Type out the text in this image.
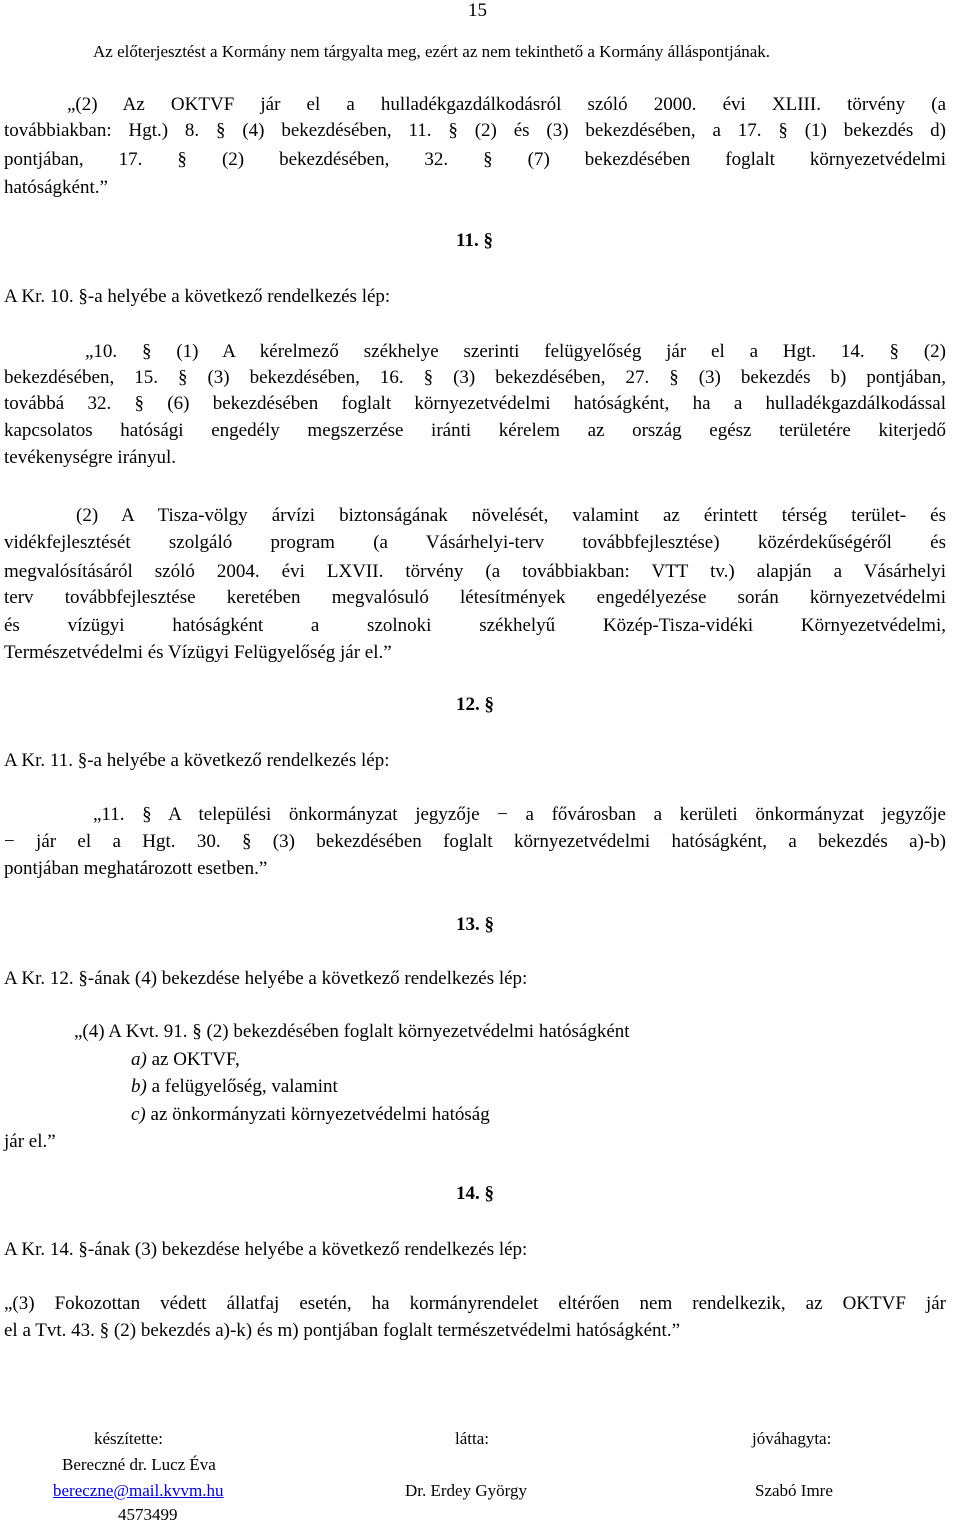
15
Az előterjesztést a Kormány nem tárgyalta meg, ezért az nem tekinthető a Kormány álláspontjának.
„(2) Az OKTVF jár el a hulladékgazdálkodásról szóló 2000. évi XLIII. törvény (a
továbbiakban: Hgt.) 8. § (4) bekezdésében, 11. § (2) és (3) bekezdésében, a 17. § (1) bekezdés d)
pontjában, 17. § (2) bekezdésében, 32. § (7) bekezdésében foglalt környezetvédelmi
hatóságként.”
11. §
A Kr. 10. §-a helyébe a következő rendelkezés lép:
„10. § (1) A kérelmező székhelye szerinti felügyelőség jár el a Hgt. 14. § (2)
bekezdésében, 15. § (3) bekezdésében, 16. § (3) bekezdésében, 27. § (3) bekezdés b) pontjában,
továbbá 32. § (6) bekezdésében foglalt környezetvédelmi hatóságként, ha a hulladékgazdálkodással
kapcsolatos hatósági engedély megszerzése iránti kérelem az ország egész területére kiterjedő
tevékenységre irányul.
(2) A Tisza-völgy árvízi biztonságának növelését, valamint az érintett térség terület- és
vidékfejlesztését szolgáló program (a Vásárhelyi-terv továbbfejlesztése) közérdekűségéről és
megvalósításáról szóló 2004. évi LXVII. törvény (a továbbiakban: VTT tv.) alapján a Vásárhelyi
terv továbbfejlesztése keretében megvalósuló létesítmények engedélyezése során környezetvédelmi
és vízügyi hatóságként a szolnoki székhelyű Közép-Tisza-vidéki Környezetvédelmi,
Természetvédelmi és Vízügyi Felügyelőség jár el.”
12. §
A Kr. 11. §-a helyébe a következő rendelkezés lép:
„11. § A települési önkormányzat jegyzője − a fővárosban a kerületi önkormányzat jegyzője
− jár el a Hgt. 30. § (3) bekezdésében foglalt környezetvédelmi hatóságként, a bekezdés a)-b)
pontjában meghatározott esetben.”
13. §
A Kr. 12. §-ának (4) bekezdése helyébe a következő rendelkezés lép:
„(4) A Kvt. 91. § (2) bekezdésében foglalt környezetvédelmi hatóságként
a) az OKTVF,
b) a felügyelőség, valamint
c) az önkormányzati környezetvédelmi hatóság
jár el.”
14. §
A Kr. 14. §-ának (3) bekezdése helyébe a következő rendelkezés lép:
„(3) Fokozottan védett állatfaj esetén, ha kormányrendelet eltérően nem rendelkezik, az OKTVF jár
el a Tvt. 43. § (2) bekezdés a)-k) és m) pontjában foglalt természetvédelmi hatóságként.”
készítette:
Bereczné dr. Lucz Éva
bereczne@mail.kvvm.hu
4573499
látta:
Dr. Erdey György
jóváhagyta:
Szabó Imre
